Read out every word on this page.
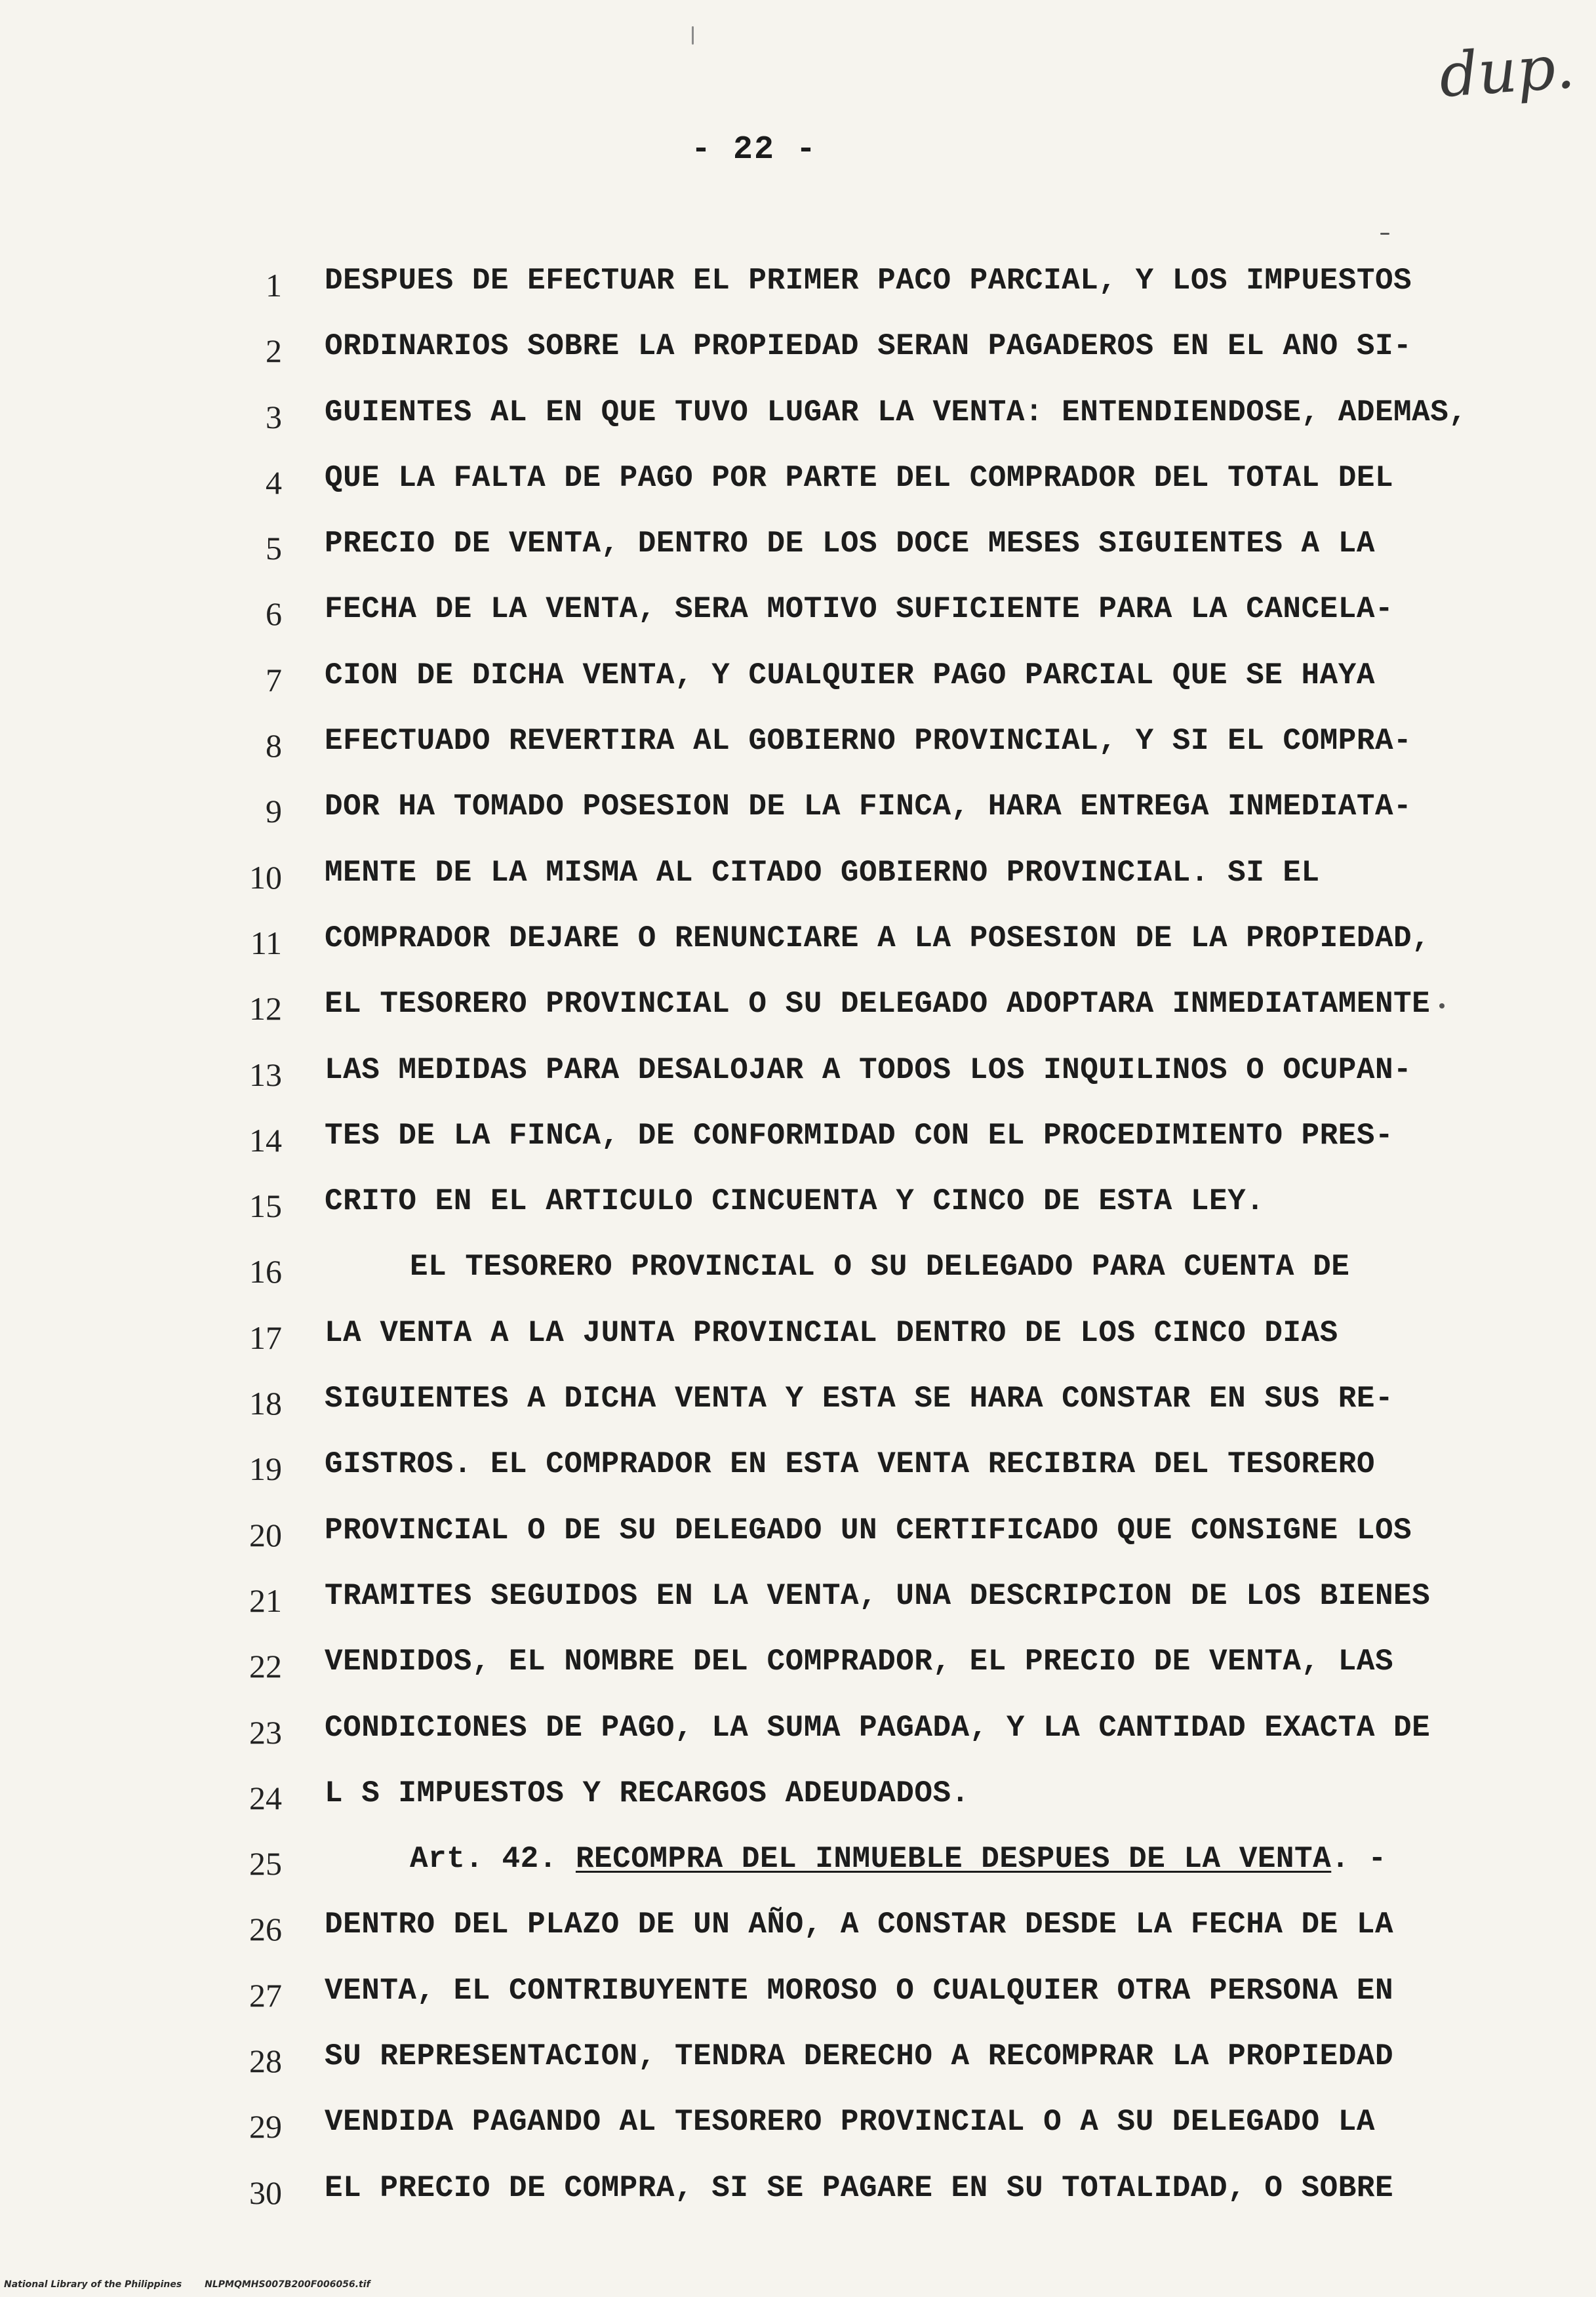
dup.
- 22 -
1 DESPUES DE EFECTUAR EL PRIMER PACO PARCIAL, Y LOS IMPUESTOS
2 ORDINARIOS SOBRE LA PROPIEDAD SERAN PAGADEROS EN EL ANO SI-
3 GUIENTES AL EN QUE TUVO LUGAR LA VENTA: ENTENDIENDOSE, ADEMAS,
4 QUE LA FALTA DE PAGO POR PARTE DEL COMPRADOR DEL TOTAL DEL
5 PRECIO DE VENTA, DENTRO DE LOS DOCE MESES SIGUIENTES A LA
6 FECHA DE LA VENTA, SERA MOTIVO SUFICIENTE PARA LA CANCELA-
7 CION DE DICHA VENTA, Y CUALQUIER PAGO PARCIAL QUE SE HAYA
8 EFECTUADO REVERTIRA AL GOBIERNO PROVINCIAL, Y SI EL COMPRA-
9 DOR HA TOMADO POSESION DE LA FINCA, HARA ENTREGA INMEDIATA-
10 MENTE DE LA MISMA AL CITADO GOBIERNO PROVINCIAL. SI EL
11 COMPRADOR DEJARE O RENUNCIARE A LA POSESION DE LA PROPIEDAD,
12 EL TESORERO PROVINCIAL O SU DELEGADO ADOPTARA INMEDIATAMENTE
13 LAS MEDIDAS PARA DESALOJAR A TODOS LOS INQUILINOS O OCUPAN-
14 TES DE LA FINCA, DE CONFORMIDAD CON EL PROCEDIMIENTO PRES-
15 CRITO EN EL ARTICULO CINCUENTA Y CINCO DE ESTA LEY.
16	EL TESORERO PROVINCIAL O SU DELEGADO PARA CUENTA DE
17 LA VENTA A LA JUNTA PROVINCIAL DENTRO DE LOS CINCO DIAS
18 SIGUIENTES A DICHA VENTA Y ESTA SE HARA CONSTAR EN SUS RE-
19 GISTROS. EL COMPRADOR EN ESTA VENTA RECIBIRA DEL TESORERO
20 PROVINCIAL O DE SU DELEGADO UN CERTIFICADO QUE CONSIGNE LOS
21 TRAMITES SEGUIDOS EN LA VENTA, UNA DESCRIPCION DE LOS BIENES
22 VENDIDOS, EL NOMBRE DEL COMPRADOR, EL PRECIO DE VENTA, LAS
23 CONDICIONES DE PAGO, LA SUMA PAGADA, Y LA CANTIDAD EXACTA DE
24 L S IMPUESTOS Y RECARGOS ADEUDADOS.
25	Art. 42. RECOMPRA DEL INMUEBLE DESPUES DE LA VENTA. -
26 DENTRO DEL PLAZO DE UN AÑO, A CONSTAR DESDE LA FECHA DE LA
27 VENTA, EL CONTRIBUYENTE MOROSO O CUALQUIER OTRA PERSONA EN
28 SU REPRESENTACION, TENDRA DERECHO A RECOMPRAR LA PROPIEDAD
29 VENDIDA PAGANDO AL TESORERO PROVINCIAL O A SU DELEGADO LA
30 EL PRECIO DE COMPRA, SI SE PAGARE EN SU TOTALIDAD, O SOBRE
National Library of the Philippines NLPMQMHS007B200F006056.tif
